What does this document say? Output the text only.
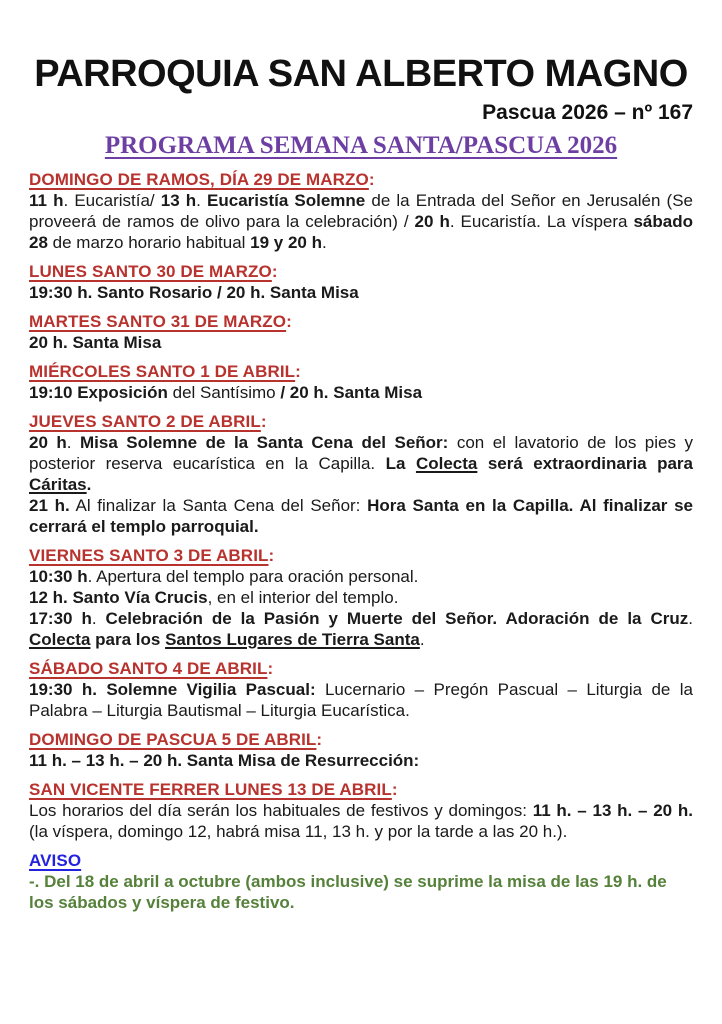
PARROQUIA SAN ALBERTO MAGNO
Pascua 2026 – nº 167
PROGRAMA SEMANA SANTA/PASCUA 2026
DOMINGO DE RAMOS, DÍA 29 DE MARZO:

11 h. Eucaristía/ 13 h. Eucaristía Solemne de la Entrada del Señor en Jerusalén (Se proveerá de ramos de olivo para la celebración) / 20 h. Eucaristía. La víspera sábado 28 de marzo horario habitual 19 y 20 h.

LUNES SANTO 30 DE MARZO:

19:30 h. Santo Rosario / 20 h. Santa Misa

MARTES SANTO 31 DE MARZO:

20 h. Santa Misa

MIÉRCOLES SANTO 1 DE ABRIL:

19:10 Exposición del Santísimo / 20 h. Santa Misa

JUEVES SANTO 2 DE ABRIL:

20 h. Misa Solemne de la Santa Cena del Señor: con el lavatorio de los pies y posterior reserva eucarística en la Capilla. La Colecta será extraordinaria para Cáritas.

21 h. Al finalizar la Santa Cena del Señor: Hora Santa en la Capilla. Al finalizar se cerrará el templo parroquial.

VIERNES SANTO 3 DE ABRIL:

10:30 h. Apertura del templo para oración personal.

12 h. Santo Vía Crucis, en el interior del templo.

17:30 h. Celebración de la Pasión y Muerte del Señor. Adoración de la Cruz. Colecta para los Santos Lugares de Tierra Santa.

SÁBADO SANTO 4 DE ABRIL:

19:30 h. Solemne Vigilia Pascual: Lucernario – Pregón Pascual – Liturgia de la Palabra – Liturgia Bautismal – Liturgia Eucarística.

DOMINGO DE PASCUA 5 DE ABRIL:

11 h. – 13 h. – 20 h. Santa Misa de Resurrección:

SAN VICENTE FERRER LUNES 13 DE ABRIL:

Los horarios del día serán los habituales de festivos y domingos: 11 h. – 13 h. – 20 h. (la víspera, domingo 12, habrá misa 11, 13 h. y por la tarde a las 20 h.).

AVISO

-. Del 18 de abril a octubre (ambos inclusive) se suprime la misa de las 19 h. de los sábados y víspera de festivo.
